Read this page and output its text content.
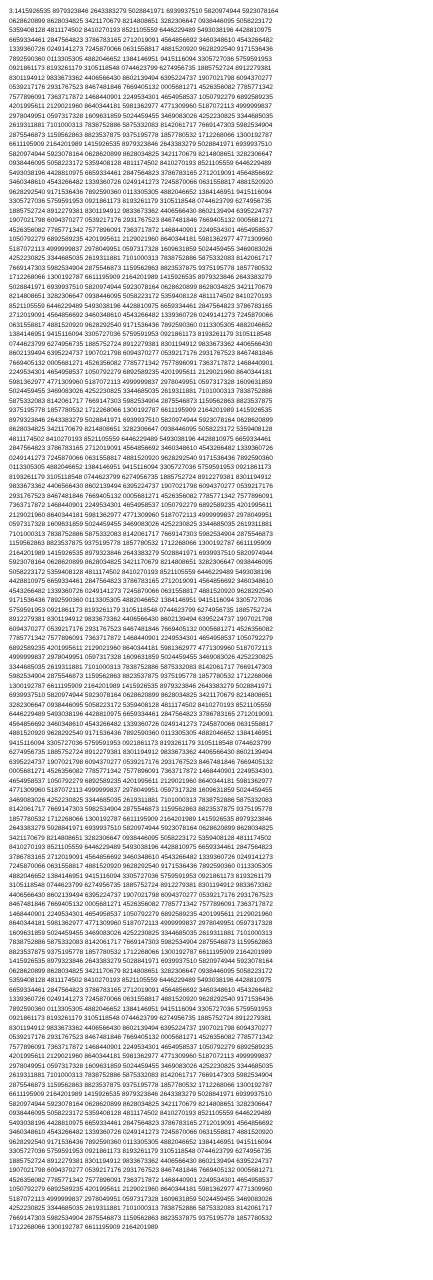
3.1415926535 8979323846 2643383279 5028841971 6939937510 5820974944 5923078164
0628620899 8628034825 3421170679 8214808651 3282306647 0938446095 5058223172
5359408128 4811174502 8410270193 8521105559 6446229489 5493038196 4428810975
6659334461 2847564823 3786783165 2712019091 4564856692 3460348610 4543266482
1339360726 0249141273 7245870066 0631558817 4881520920 9628292540 9171536436
7892590360 0113305305 4882046652 1384146951 9415116094 3305727036 5759591953
0921861173 8193261179 3105118548 0744623799 6274956735 1885752724 8912279381
8301194912 9833673362 4406566430 8602139494 6395224737 1907021798 6094370277
0539217176 2931767523 8467481846 7669405132 0005681271 4526356082 7785771342
7577896091 7363717872 1468440901 2249534301 4654958537 1050792279 6892589235
4201995611 2129021960 8640344181 5981362977 4771309960 5187072113 4999999837
2978049951 0597317328 1609631859 5024459455 3469083026 4252230825 3344685035
2619311881 7101000313 7838752886 5875332083 8142061717 7669147303 5982534904
2875546873 1159562863 8823537875 9375195778 1857780532 1712268066 1300192787
6611195909 2164201989 1415926535 8979323846 2643383279 5028841971 6939937510
5820974944 5923078164 0628620899 8628034825 3421170679 8214808651 3282306647
0938446095 5058223172 5359408128 4811174502 8410270193 8521105559 6446229489
5493038196 4428810975 6659334461 2847564823 3786783165 2712019091 4564856692
3460348610 4543266482 1339360726 0249141273 7245870066 0631558817 4881520920
9628292540 9171536436 7892590360 0113305305 4882046652 1384146951 9415116094
3305727036 5759591953 0921861173 8193261179 3105118548 0744623799 6274956735
1885752724 8912279381 8301194912 9833673362 4406566430 8602139494 6395224737
1907021798 6094370277 0539217176 2931767523 8467481846 7669405132 0005681271
4526356082 7785771342 7577896091 7363717872 1468440901 2249534301 4654958537
1050792279 6892589235 4201995611 2129021960 8640344181 5981362977 4771309960
5187072113 4999999837 2978049951 0597317328 1609631859 5024459455 3469083026
4252230825 3344685035 2619311881 7101000313 7838752886 5875332083 8142061717
7669147303 5982534904 2875546873 1159562863 8823537875 9375195778 1857780532
1712268066 1300192787 6611195909 2164201989 1415926535 8979323846 2643383279
5028841971 6939937510 5820974944 5923078164 0628620899 8628034825 3421170679
8214808651 3282306647 0938446095 5058223172 5359408128 4811174502 8410270193
8521105559 6446229489 5493038196 4428810975 6659334461 2847564823 3786783165
2712019091 4564856692 3460348610 4543266482 1339360726 0249141273 7245870066
0631558817 4881520920 9628292540 9171536436 7892590360 0113305305 4882046652
1384146951 9415116094 3305727036 5759591953 0921861173 8193261179 3105118548
0744623799 6274956735 1885752724 8912279381 8301194912 9833673362 4406566430
8602139494 6395224737 1907021798 6094370277 0539217176 2931767523 8467481846
7669405132 0005681271 4526356082 7785771342 7577896091 7363717872 1468440901
2249534301 4654958537 1050792279 6892589235 4201995611 2129021960 8640344181
5981362977 4771309960 5187072113 4999999837 2978049951 0597317328 1609631859
5024459455 3469083026 4252230825 3344685035 2619311881 7101000313 7838752886
5875332083 8142061717 7669147303 5982534904 2875546873 1159562863 8823537875
9375195778 1857780532 1712268066 1300192787 6611195909 2164201989 1415926535
8979323846 2643383279 5028841971 6939937510 5820974944 5923078164 0628620899
8628034825 3421170679 8214808651 3282306647 0938446095 5058223172 5359408128
4811174502 8410270193 8521105559 6446229489 5493038196 4428810975 6659334461
2847564823 3786783165 2712019091 4564856692 3460348610 4543266482 1339360726
0249141273 7245870066 0631558817 4881520920 9628292540 9171536436 7892590360
0113305305 4882046652 1384146951 9415116094 3305727036 5759591953 0921861173
8193261179 3105118548 0744623799 6274956735 1885752724 8912279381 8301194912
9833673362 4406566430 8602139494 6395224737 1907021798 6094370277 0539217176
2931767523 8467481846 7669405132 0005681271 4526356082 7785771342 7577896091
7363717872 1468440901 2249534301 4654958537 1050792279 6892589235 4201995611
2129021960 8640344181 5981362977 4771309960 5187072113 4999999837 2978049951
0597317328 1609631859 5024459455 3469083026 4252230825 3344685035 2619311881
7101000313 7838752886 5875332083 8142061717 7669147303 5982534904 2875546873
1159562863 8823537875 9375195778 1857780532 1712268066 1300192787 6611195909
2164201989 1415926535 8979323846 2643383279 5028841971 6939937510 5820974944
5923078164 0628620899 8628034825 3421170679 8214808651 3282306647 0938446095
5058223172 5359408128 4811174502 8410270193 8521105559 6446229489 5493038196
4428810975 6659334461 2847564823 3786783165 2712019091 4564856692 3460348610
4543266482 1339360726 0249141273 7245870066 0631558817 4881520920 9628292540
9171536436 7892590360 0113305305 4882046652 1384146951 9415116094 3305727036
5759591953 0921861173 8193261179 3105118548 0744623799 6274956735 1885752724
8912279381 8301194912 9833673362 4406566430 8602139494 6395224737 1907021798
6094370277 0539217176 2931767523 8467481846 7669405132 0005681271 4526356082
7785771342 7577896091 7363717872 1468440901 2249534301 4654958537 1050792279
6892589235 4201995611 2129021960 8640344181 5981362977 4771309960 5187072113
4999999837 2978049951 0597317328 1609631859 5024459455 3469083026 4252230825
3344685035 2619311881 7101000313 7838752886 5875332083 8142061717 7669147303
5982534904 2875546873 1159562863 8823537875 9375195778 1857780532 1712268066
1300192787 6611195909 2164201989 1415926535 8979323846 2643383279 5028841971
6939937510 5820974944 5923078164 0628620899 8628034825 3421170679 8214808651
3282306647 0938446095 5058223172 5359408128 4811174502 8410270193 8521105559
6446229489 5493038196 4428810975 6659334461 2847564823 3786783165 2712019091
4564856692 3460348610 4543266482 1339360726 0249141273 7245870066 0631558817
4881520920 9628292540 9171536436 7892590360 0113305305 4882046652 1384146951
9415116094 3305727036 5759591953 0921861173 8193261179 3105118548 0744623799
6274956735 1885752724 8912279381 8301194912 9833673362 4406566430 8602139494
6395224737 1907021798 6094370277 0539217176 2931767523 8467481846 7669405132
0005681271 4526356082 7785771342 7577896091 7363717872 1468440901 2249534301
4654958537 1050792279 6892589235 4201995611 2129021960 8640344181 5981362977
4771309960 5187072113 4999999837 2978049951 0597317328 1609631859 5024459455
3469083026 4252230825 3344685035 2619311881 7101000313 7838752886 5875332083
8142061717 7669147303 5982534904 2875546873 1159562863 8823537875 9375195778
1857780532 1712268066 1300192787 6611195909 2164201989 1415926535 8979323846
2643383279 5028841971 6939937510 5820974944 5923078164 0628620899 8628034825
3421170679 8214808651 3282306647 0938446095 5058223172 5359408128 4811174502
8410270193 8521105559 6446229489 5493038196 4428810975 6659334461 2847564823
3786783165 2712019091 4564856692 3460348610 4543266482 1339360726 0249141273
7245870066 0631558817 4881520920 9628292540 9171536436 7892590360 0113305305
4882046652 1384146951 9415116094 3305727036 5759591953 0921861173 8193261179
3105118548 0744623799 6274956735 1885752724 8912279381 8301194912 9833673362
4406566430 8602139494 6395224737 1907021798 6094370277 0539217176 2931767523
8467481846 7669405132 0005681271 4526356082 7785771342 7577896091 7363717872
1468440901 2249534301 4654958537 1050792279 6892589235 4201995611 2129021960
8640344181 5981362977 4771309960 5187072113 4999999837 2978049951 0597317328
1609631859 5024459455 3469083026 4252230825 3344685035 2619311881 7101000313
7838752886 5875332083 8142061717 7669147303 5982534904 2875546873 1159562863
8823537875 9375195778 1857780532 1712268066 1300192787 6611195909 2164201989
1415926535 8979323846 2643383279 5028841971 6939937510 5820974944 5923078164
0628620899 8628034825 3421170679 8214808651 3282306647 0938446095 5058223172
5359408128 4811174502 8410270193 8521105559 6446229489 5493038196 4428810975
6659334461 2847564823 3786783165 2712019091 4564856692 3460348610 4543266482
1339360726 0249141273 7245870066 0631558817 4881520920 9628292540 9171536436
7892590360 0113305305 4882046652 1384146951 9415116094 3305727036 5759591953
0921861173 8193261179 3105118548 0744623799 6274956735 1885752724 8912279381
8301194912 9833673362 4406566430 8602139494 6395224737 1907021798 6094370277
0539217176 2931767523 8467481846 7669405132 0005681271 4526356082 7785771342
7577896091 7363717872 1468440901 2249534301 4654958537 1050792279 6892589235
4201995611 2129021960 8640344181 5981362977 4771309960 5187072113 4999999837
2978049951 0597317328 1609631859 5024459455 3469083026 4252230825 3344685035
2619311881 7101000313 7838752886 5875332083 8142061717 7669147303 5982534904
2875546873 1159562863 8823537875 9375195778 1857780532 1712268066 1300192787
6611195909 2164201989 1415926535 8979323846 2643383279 5028841971 6939937510
5820974944 5923078164 0628620899 8628034825 3421170679 8214808651 3282306647
0938446095 5058223172 5359408128 4811174502 8410270193 8521105559 6446229489
5493038196 4428810975 6659334461 2847564823 3786783165 2712019091 4564856692
3460348610 4543266482 1339360726 0249141273 7245870066 0631558817 4881520920
9628292540 9171536436 7892590360 0113305305 4882046652 1384146951 9415116094
3305727036 5759591953 0921861173 8193261179 3105118548 0744623799 6274956735
1885752724 8912279381 8301194912 9833673362 4406566430 8602139494 6395224737
1907021798 6094370277 0539217176 2931767523 8467481846 7669405132 0005681271
4526356082 7785771342 7577896091 7363717872 1468440901 2249534301 4654958537
1050792279 6892589235 4201995611 2129021960 8640344181 5981362977 4771309960
5187072113 4999999837 2978049951 0597317328 1609631859 5024459455 3469083026
4252230825 3344685035 2619311881 7101000313 7838752886 5875332083 8142061717
7669147303 5982534904 2875546873 1159562863 8823537875 9375195778 1857780532
1712268066 1300192787 6611195909 2164201989
